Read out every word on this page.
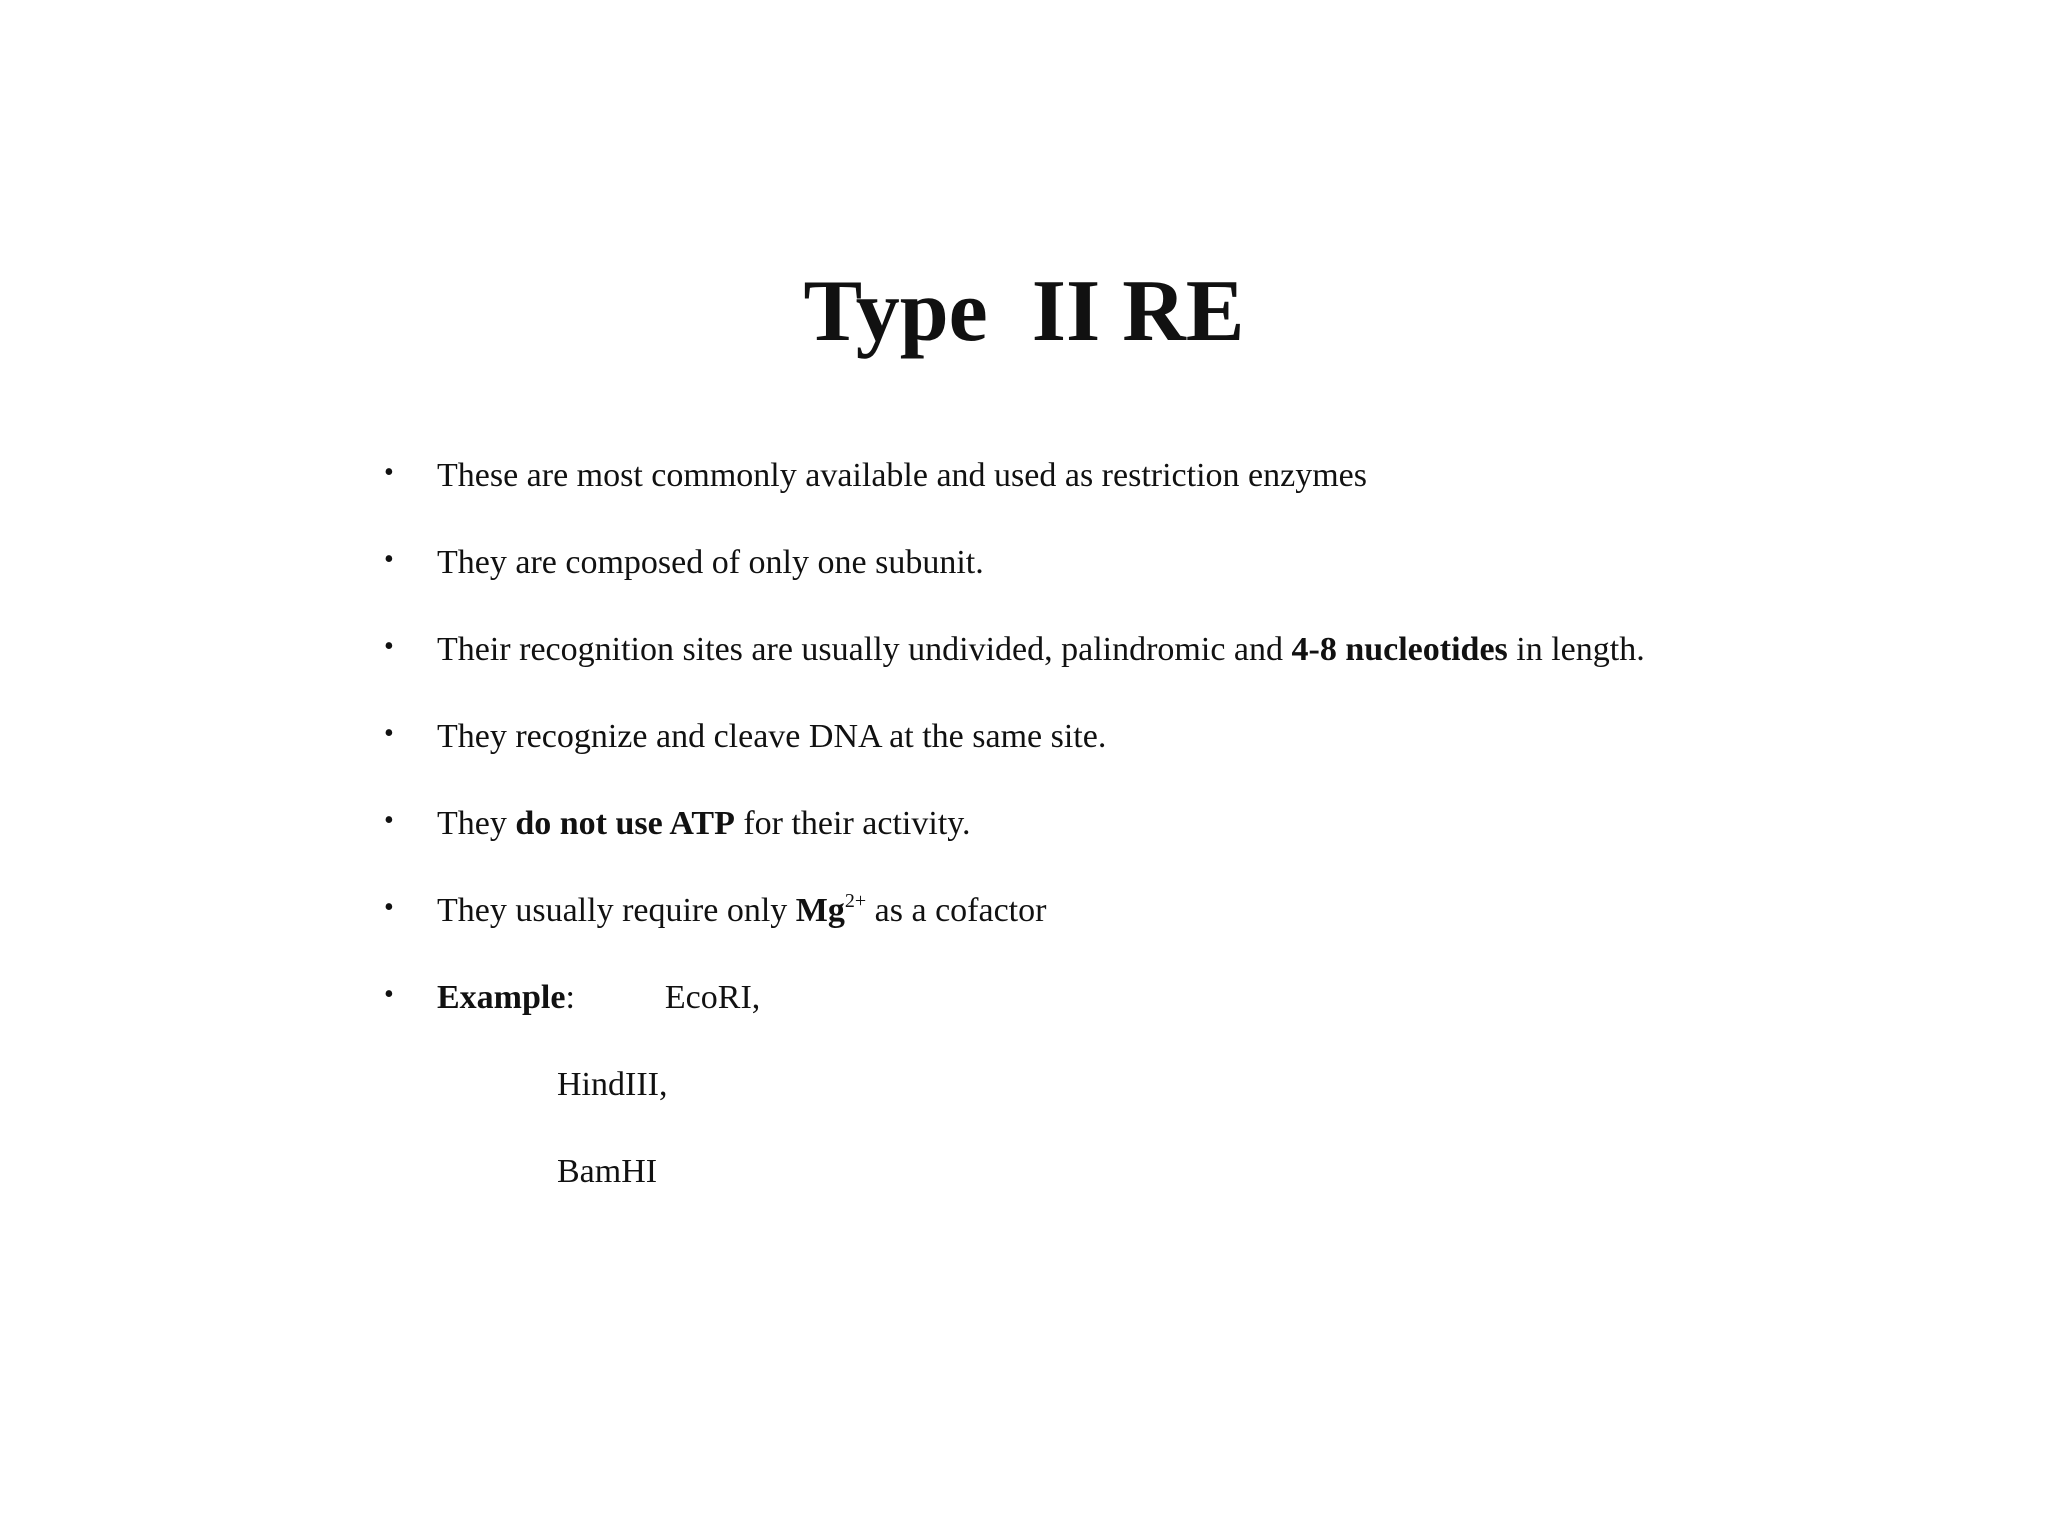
Type  II RE
• These are most commonly available and used as restriction enzymes
• They are composed of only one subunit.
• Their recognition sites are usually undivided, palindromic and 4-8 nucleotides in length.
• They recognize and cleave DNA at the same site.
• They do not use ATP for their activity.
• They usually require only $Mg^{2+}$ as a cofactor
• Example:	EcoRI,
HindIII,
BamHI
